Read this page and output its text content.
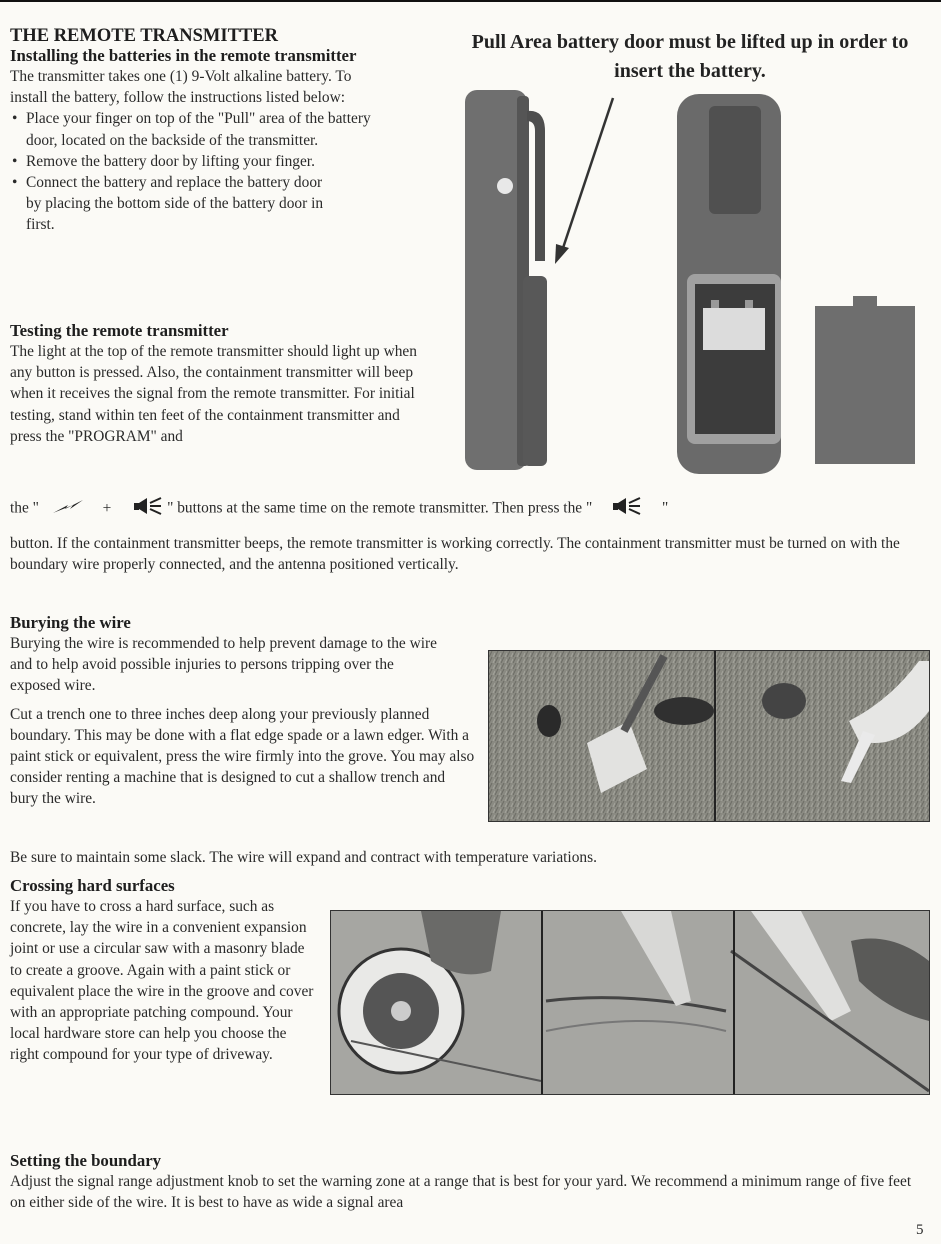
THE REMOTE TRANSMITTER
Installing the batteries in the remote transmitter

The transmitter takes one (1) 9-Volt alkaline battery. To install the battery, follow the instructions listed below:

• Place your finger on top of the "Pull" area of the battery door, located on the backside of the transmitter.
• Remove the battery door by lifting your finger.
• Connect the battery and replace the battery door by placing the bottom side of the battery door in first.
Pull Area battery door must be lifted up in order to insert the battery.
Testing the remote transmitter

The light at the top of the remote transmitter should light up when any button is pressed. Also, the containment transmitter will beep when it receives the signal from the remote transmitter. For initial testing, stand within ten feet of the containment transmitter and press the "PROGRAM" and

the "	+	" buttons at the same time on the remote transmitter. Then press the "	"

button. If the containment transmitter beeps, the remote transmitter is working correctly. The containment transmitter must be turned on with the boundary wire properly connected, and the antenna positioned vertically.

Burying the wire

Burying the wire is recommended to help prevent damage to the wire and to help avoid possible injuries to persons tripping over the exposed wire.

Cut a trench one to three inches deep along your previously planned boundary. This may be done with a flat edge spade or a lawn edger. With a paint stick or equivalent, press the wire firmly into the grove. You may also consider renting a machine that is designed to cut a shallow trench and bury the wire.

Be sure to maintain some slack. The wire will expand and contract with temperature variations.

Crossing hard surfaces

If you have to cross a hard surface, such as concrete, lay the wire in a convenient expansion joint or use a circular saw with a masonry blade to create a groove. Again with a paint stick or equivalent place the wire in the groove and cover with an appropriate patching compound. Your local hardware store can help you choose the right compound for your type of driveway.

Setting the boundary

Adjust the signal range adjustment knob to set the warning zone at a range that is best for your yard. We recommend a minimum range of five feet on either side of the wire. It is best to have as wide a signal area

5
